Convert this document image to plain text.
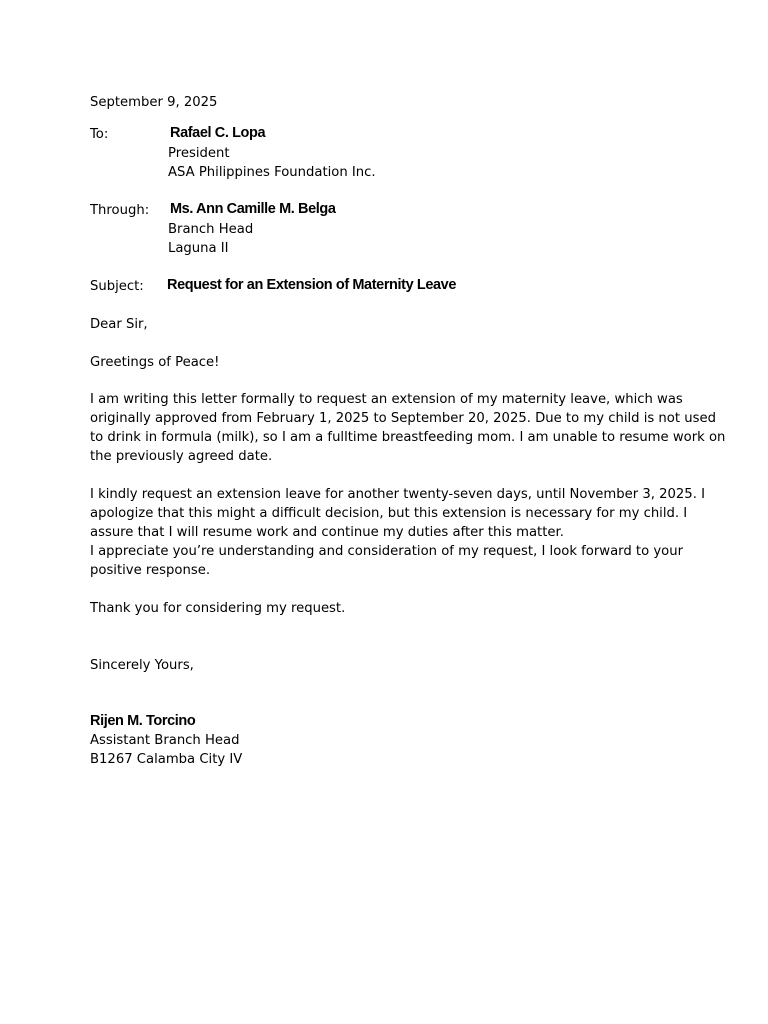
September 9, 2025
To:	Rafael C. Lopa
President
ASA Philippines Foundation Inc.
Through: Ms. Ann Camille M. Belga
Branch Head
Laguna II
Subject: Request for an Extension of Maternity Leave
Dear Sir,
Greetings of Peace!
I am writing this letter formally to request an extension of my maternity leave, which was
originally approved from February 1, 2025 to September 20, 2025. Due to my child is not used
to drink in formula (milk), so I am a fulltime breastfeeding mom. I am unable to resume work on
the previously agreed date.
I kindly request an extension leave for another twenty-seven days, until November 3, 2025. I
apologize that this might a difficult decision, but this extension is necessary for my child. I
assure that I will resume work and continue my duties after this matter.
I appreciate you’re understanding and consideration of my request, I look forward to your
positive response.
Thank you for considering my request.
Sincerely Yours,
Rijen M. Torcino
Assistant Branch Head
B1267 Calamba City IV
